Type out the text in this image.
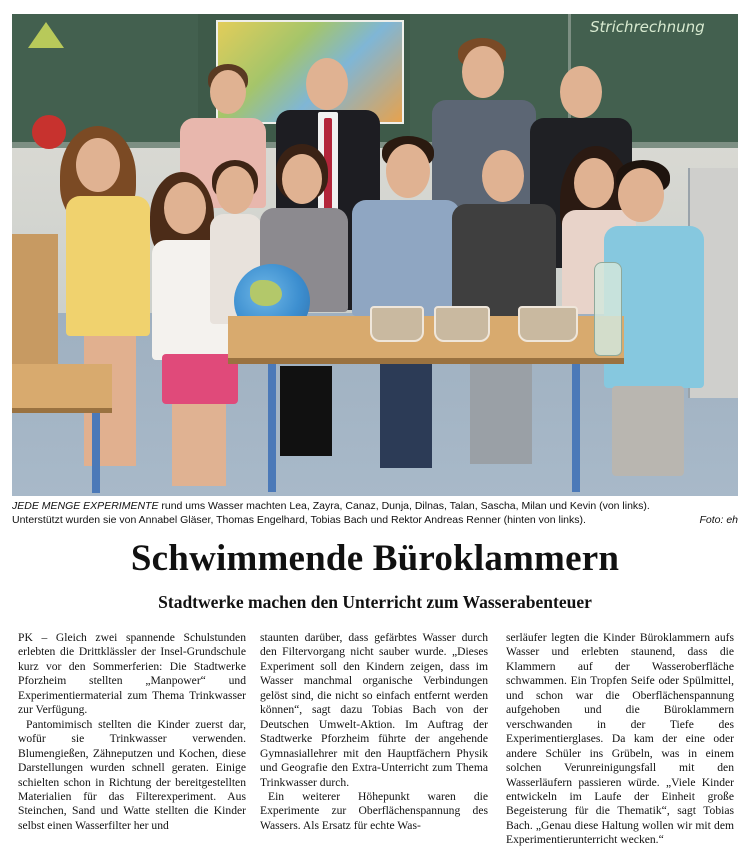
Strichrechnung
JEDE MENGE EXPERIMENTE rund ums Wasser machten Lea, Zayra, Canaz, Dunja, Dilnas, Talan, Sascha, Milan und Kevin (von links).
Unterstützt wurden sie von Annabel Gläser, Thomas Engelhard, Tobias Bach und Rektor Andreas Renner (hinten von links).	Foto: eh
Schwimmende Büroklammern
Stadtwerke machen den Unterricht zum Wasserabenteuer

PK – Gleich zwei spannende Schulstunden erlebten die Drittklässler der Insel-Grundschule kurz vor den Sommerferien: Die Stadtwerke Pforzheim stellten „Manpower“ und Experimentiermaterial zum Thema Trinkwasser zur Verfügung.

Pantomimisch stellten die Kinder zuerst dar, wofür sie Trinkwasser verwenden. Blumengießen, Zähneputzen und Kochen, diese Darstellungen wurden schnell geraten. Einige schielten schon in Richtung der bereitgestellten Materialien für das Filterexperiment. Aus Steinchen, Sand und Watte stellten die Kinder selbst einen Wasserfilter her und

staunten darüber, dass gefärbtes Wasser durch den Filtervorgang nicht sauber wurde. „Dieses Experiment soll den Kindern zeigen, dass im Wasser manchmal organische Verbindungen gelöst sind, die nicht so einfach entfernt werden können“, sagt dazu Tobias Bach von der Deutschen Umwelt-Aktion. Im Auftrag der Stadtwerke Pforzheim führte der angehende Gymnasiallehrer mit den Hauptfächern Physik und Geografie den Extra-Unterricht zum Thema Trinkwasser durch.

Ein weiterer Höhepunkt waren die Experimente zur Oberflächenspannung des Wassers. Als Ersatz für echte Was-

serläufer legten die Kinder Büroklammern aufs Wasser und erlebten staunend, dass die Klammern auf der Wasseroberfläche schwammen. Ein Tropfen Seife oder Spülmittel, und schon war die Oberflächenspannung aufgehoben und die Büroklammern verschwanden in der Tiefe des Experimentierglases. Da kam der eine oder andere Schüler ins Grübeln, was in einem solchen Verunreinigungsfall mit den Wasserläufern passieren würde. „Viele Kinder entwickeln im Laufe der Einheit große Begeisterung für die Thematik“, sagt Tobias Bach. „Genau diese Haltung wollen wir mit dem Experimentierunterricht wecken.“
